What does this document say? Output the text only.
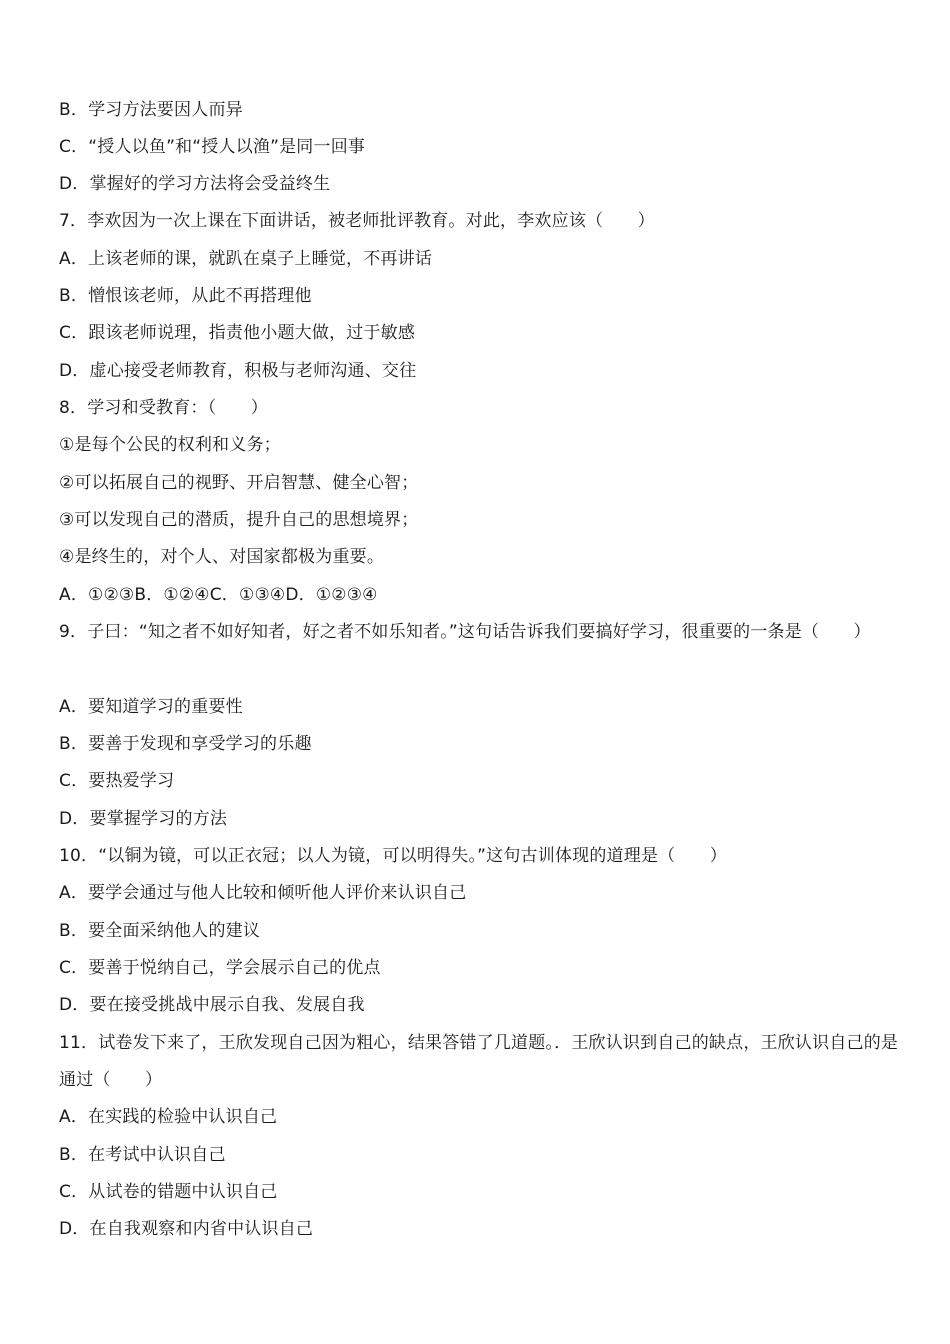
B．学习方法要因人而异
C．“授人以鱼”和“授人以渔”是同一回事
D．掌握好的学习方法将会受益终生
7．李欢因为一次上课在下面讲话，被老师批评教育。对此，李欢应该（　　）
A．上该老师的课，就趴在桌子上睡觉，不再讲话
B．憎恨该老师，从此不再搭理他
C．跟该老师说理，指责他小题大做，过于敏感
D．虚心接受老师教育，积极与老师沟通、交往
8．学习和受教育：（　　）
①是每个公民的权利和义务；
②可以拓展自己的视野、开启智慧、健全心智；
③可以发现自己的潜质，提升自己的思想境界；
④是终生的，对个人、对国家都极为重要。
A．①②③B．①②④C．①③④D．①②③④
9．子曰：“知之者不如好知者，好之者不如乐知者。”这句话告诉我们要搞好学习，很重要的一条是（　　）
A．要知道学习的重要性
B．要善于发现和享受学习的乐趣
C．要热爱学习
D．要掌握学习的方法
10．“以铜为镜，可以正衣冠；以人为镜，可以明得失。”这句古训体现的道理是（　　）
A．要学会通过与他人比较和倾听他人评价来认识自己
B．要全面采纳他人的建议
C．要善于悦纳自己，学会展示自己的优点
D．要在接受挑战中展示自我、发展自我
11．试卷发下来了，王欣发现自己因为粗心，结果答错了几道题。．王欣认识到自己的缺点，王欣认识自己的是通过（　　）
A．在实践的检验中认识自己
B．在考试中认识自己
C．从试卷的错题中认识自己
D．在自我观察和内省中认识自己
